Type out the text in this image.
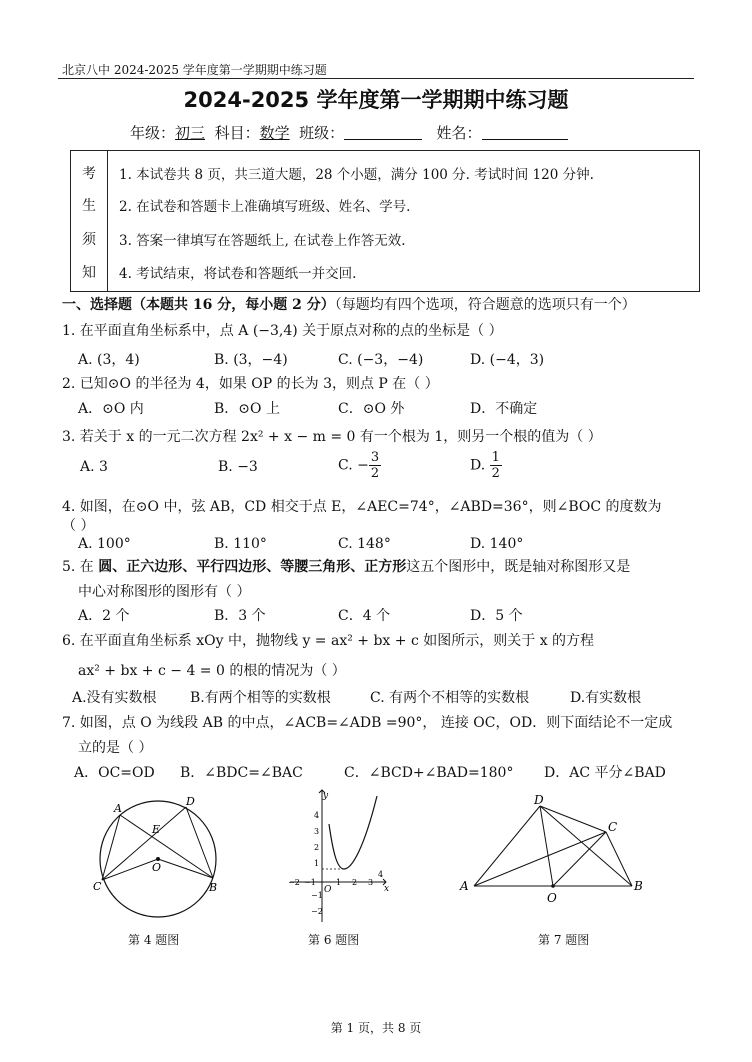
北京八中 2024-2025 学年度第一学期期中练习题
2024-2025 学年度第一学期期中练习题
年级：初三 科目：数学 班级：	姓名：
考
生
须
知
1. 本试卷共 8 页，共三道大题，28 个小题，满分 100 分. 考试时间 120 分钟.
2. 在试卷和答题卡上准确填写班级、姓名、学号.
3. 答案一律填写在答题纸上, 在试卷上作答无效.
4. 考试结束，将试卷和答题纸一并交回.
一、选择题（本题共 16 分，每小题 2 分）（每题均有四个选项，符合题意的选项只有一个）
1. 在平面直角坐标系中，点 A (−3,4) 关于原点对称的点的坐标是（ ）
A. (3，4)	B. (3，−4)	C. (−3，−4)	D. (−4，3)
2. 已知⊙O 的半径为 4，如果 OP 的长为 3，则点 P 在（ ）
A．⊙O 内	B．⊙O 上	C．⊙O 外	D．不确定
3. 若关于 x 的一元二次方程 2x² + x − m = 0 有一个根为 1，则另一个根的值为（ ）
A. 3	B. −3	C. − $\frac{3}{2}$	D. $\frac{1}{2}$
4. 如图，在⊙O 中，弦 AB，CD 相交于点 E，∠AEC=74°，∠ABD=36°，则∠BOC 的度数为
（ ）
A. 100°	B. 110°	C. 148°	D. 140°
5. 在 圆、正六边形、平行四边形、等腰三角形、正方形这五个图形中，既是轴对称图形又是
中心对称图形的图形有（ ）
A．2 个	B．3 个	C．4 个	D．5 个
6. 在平面直角坐标系 xOy 中，抛物线 y = ax² + bx + c 如图所示，则关于 x 的方程
ax² + bx + c − 4 = 0 的根的情况为（ ）
A.没有实数根 B.有两个相等的实数根	C. 有两个不相等的实数根	D.有实数根
7. 如图，点 O 为线段 AB 的中点，∠ACB=∠ADB =90°， 连接 OC，OD．则下面结论不一定成
立的是（ ）
A．OC=OD B．∠BDC=∠BAC	C．∠BCD+∠BAD=180° D．AC 平分∠BAD
A
D
E
O
C	B
第 4 题图
y
x
O
4
3
2
1
−1
−2
−2 −1	1 2 3
4
第 6 题图
D
C
A
O
B
第 7 题图
第 1 页，共 8 页
